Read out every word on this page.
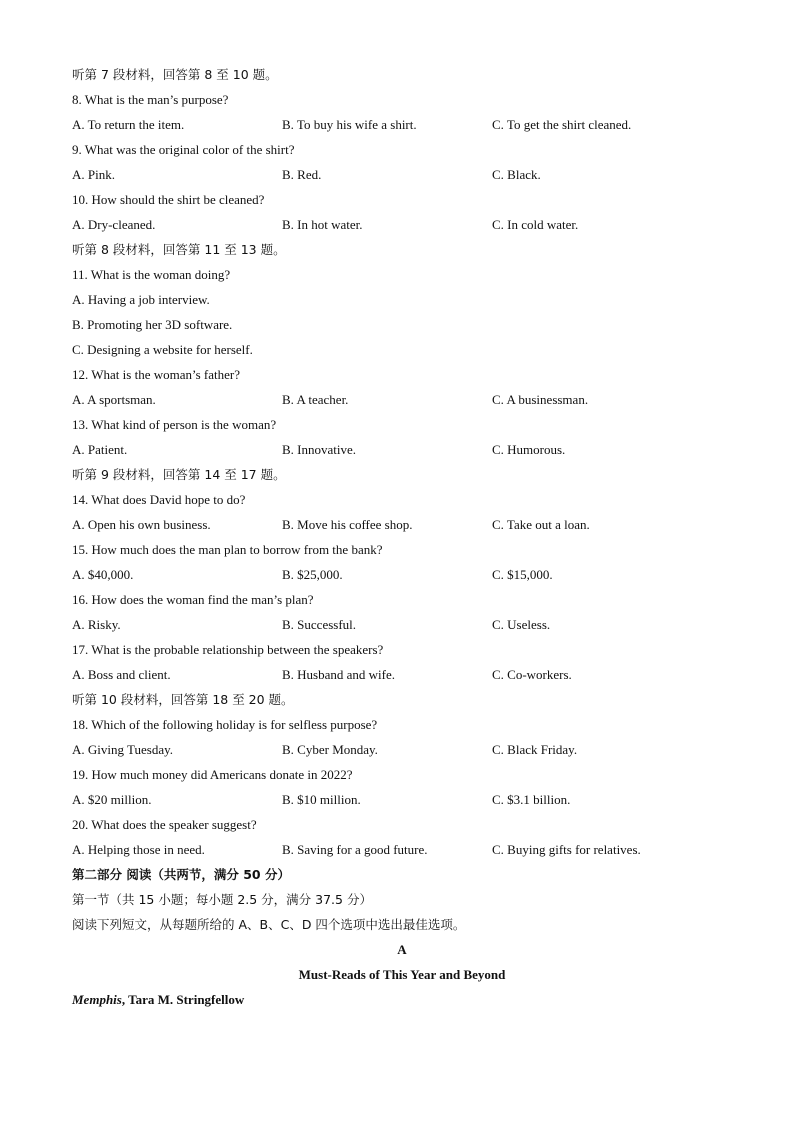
听第 7 段材料，回答第 8 至 10 题。
8. What is the man’s purpose?
A. To return the item.	B. To buy his wife a shirt.	C. To get the shirt cleaned.
9. What was the original color of the shirt?
A. Pink.	B. Red.	C. Black.
10. How should the shirt be cleaned?
A. Dry-cleaned.	B. In hot water.	C. In cold water.
听第 8 段材料，回答第 11 至 13 题。
11. What is the woman doing?
A. Having a job interview.
B. Promoting her 3D software.
C. Designing a website for herself.
12. What is the woman’s father?
A. A sportsman.	B. A teacher.	C. A businessman.
13. What kind of person is the woman?
A. Patient.	B. Innovative.	C. Humorous.
听第 9 段材料，回答第 14 至 17 题。
14. What does David hope to do?
A. Open his own business.	B. Move his coffee shop.	C. Take out a loan.
15. How much does the man plan to borrow from the bank?
A. $40,000.	B. $25,000.	C. $15,000.
16. How does the woman find the man’s plan?
A. Risky.	B. Successful.	C. Useless.
17. What is the probable relationship between the speakers?
A. Boss and client.	B. Husband and wife.	C. Co-workers.
听第 10 段材料，回答第 18 至 20 题。
18. Which of the following holiday is for selfless purpose?
A. Giving Tuesday.	B. Cyber Monday.	C. Black Friday.
19. How much money did Americans donate in 2022?
A. $20 million.	B. $10 million.	C. $3.1 billion.
20. What does the speaker suggest?
A. Helping those in need.	B. Saving for a good future.	C. Buying gifts for relatives.
第二部分 阅读（共两节，满分 50 分）
第一节（共 15 小题；每小题 2.5 分，满分 37.5 分）
阅读下列短文，从每题所给的 A、B、C、D 四个选项中选出最佳选项。
A
Must-Reads of This Year and Beyond
Memphis, Tara M. Stringfellow
